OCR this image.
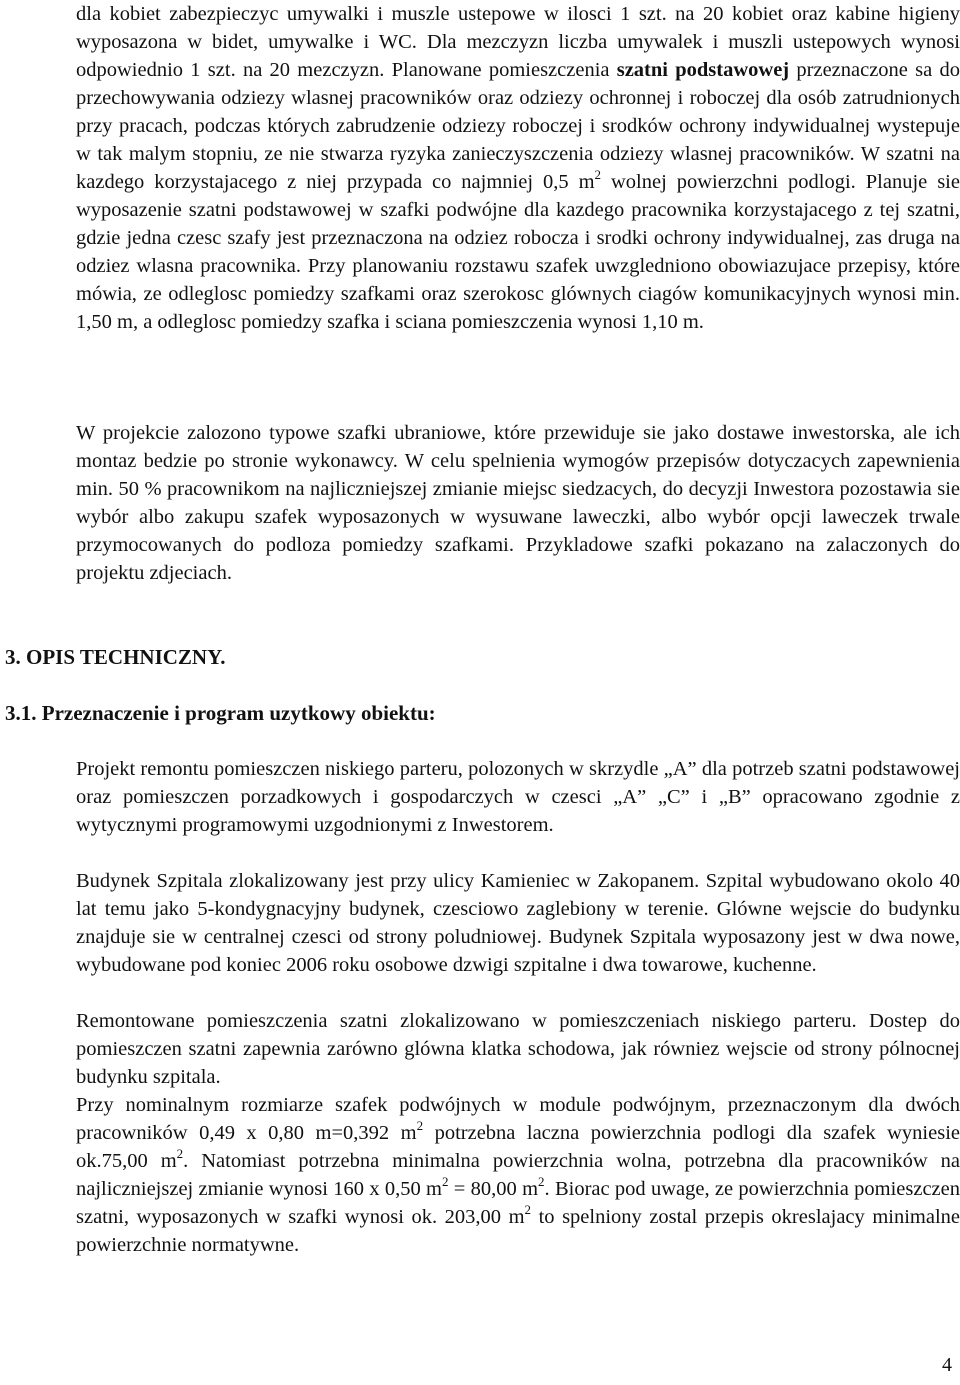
dla kobiet zabezpieczyc umywalki i muszle ustepowe w ilosci 1 szt. na 20 kobiet oraz kabine higieny wyposazona w bidet, umywalke i WC. Dla mezczyzn liczba umywalek i muszli ustepowych wynosi odpowiednio 1 szt. na 20 mezczyzn. Planowane pomieszczenia szatni podstawowej przeznaczone sa do przechowywania odziezy wlasnej pracowników oraz odziezy ochronnej i roboczej dla osób zatrudnionych przy pracach, podczas których zabrudzenie odziezy roboczej i srodków ochrony indywidualnej wystepuje w tak malym stopniu, ze nie stwarza ryzyka zanieczyszczenia odziezy wlasnej pracowników. W szatni na kazdego korzystajacego z niej przypada co najmniej 0,5 $m^2$ wolnej powierzchni podlogi. Planuje sie wyposazenie szatni podstawowej w szafki podwójne dla kazdego pracownika korzystajacego z tej szatni, gdzie jedna czesc szafy jest przeznaczona na odziez robocza i srodki ochrony indywidualnej, zas druga na odziez wlasna pracownika. Przy planowaniu rozstawu szafek uwzgledniono obowiazujace przepisy, które mówia, ze odleglosc pomiedzy szafkami oraz szerokosc glównych ciagów komunikacyjnych wynosi min. 1,50 m, a odleglosc pomiedzy szafka i sciana pomieszczenia wynosi 1,10 m.

W projekcie zalozono typowe szafki ubraniowe, które przewiduje sie jako dostawe inwestorska, ale ich montaz bedzie po stronie wykonawcy. W celu spelnienia wymogów przepisów dotyczacych zapewnienia min. 50 % pracownikom na najliczniejszej zmianie miejsc siedzacych, do decyzji Inwestora pozostawia sie wybór albo zakupu szafek wyposazonych w wysuwane laweczki, albo wybór opcji laweczek trwale przymocowanych do podloza pomiedzy szafkami. Przykladowe szafki pokazano na zalaczonych do projektu zdjeciach.

3. OPIS TECHNICZNY.
3.1. Przeznaczenie i program uzytkowy obiektu:

Projekt remontu pomieszczen niskiego parteru, polozonych w skrzydle „A” dla potrzeb szatni podstawowej oraz pomieszczen porzadkowych i gospodarczych w czesci „A” „C” i „B” opracowano zgodnie z wytycznymi programowymi uzgodnionymi z Inwestorem.

Budynek Szpitala zlokalizowany jest przy ulicy Kamieniec w Zakopanem. Szpital wybudowano okolo 40 lat temu jako 5-kondygnacyjny budynek, czesciowo zaglebiony w terenie. Glówne wejscie do budynku znajduje sie w centralnej czesci od strony poludniowej. Budynek Szpitala wyposazony jest w dwa nowe, wybudowane pod koniec 2006 roku osobowe dzwigi szpitalne i dwa towarowe, kuchenne.

Remontowane pomieszczenia szatni zlokalizowano w pomieszczeniach niskiego parteru. Dostep do pomieszczen szatni zapewnia zarówno glówna klatka schodowa, jak równiez wejscie od strony pólnocnej budynku szpitala.

Przy nominalnym rozmiarze szafek podwójnych w module podwójnym, przeznaczonym dla dwóch pracowników 0,49 x 0,80 m=0,392 $m^2$ potrzebna laczna powierzchnia podlogi dla szafek wyniesie ok.75,00 $m^2$. Natomiast potrzebna minimalna powierzchnia wolna, potrzebna dla pracowników na najliczniejszej zmianie wynosi 160 x 0,50 $m^2 = 80,00$ $m^2$. Biorac pod uwage, ze powierzchnia pomieszczen szatni, wyposazonych w szafki wynosi ok. 203,00 $m^2$ to spelniony zostal przepis okreslajacy minimalne powierzchnie normatywne.

4
